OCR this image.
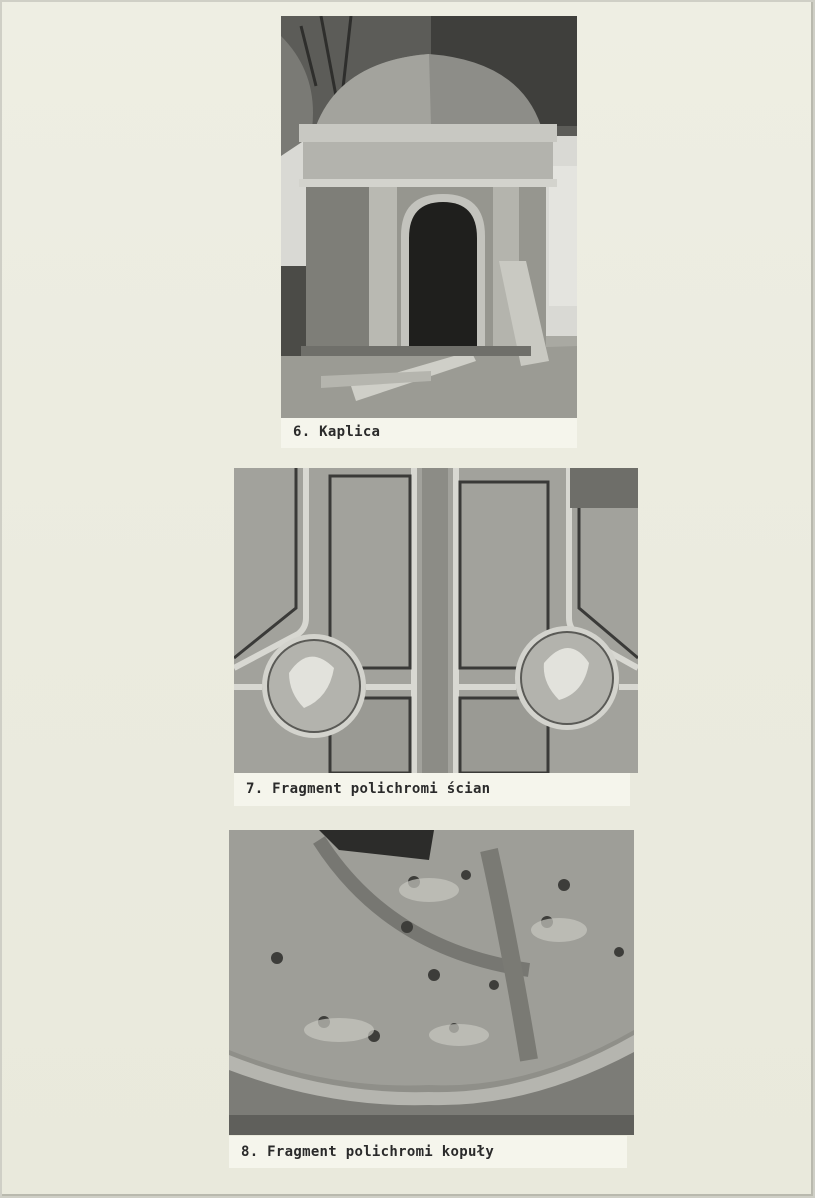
6. Kaplica
7. Fragment polichromi ścian
8. Fragment polichromi kopuły
